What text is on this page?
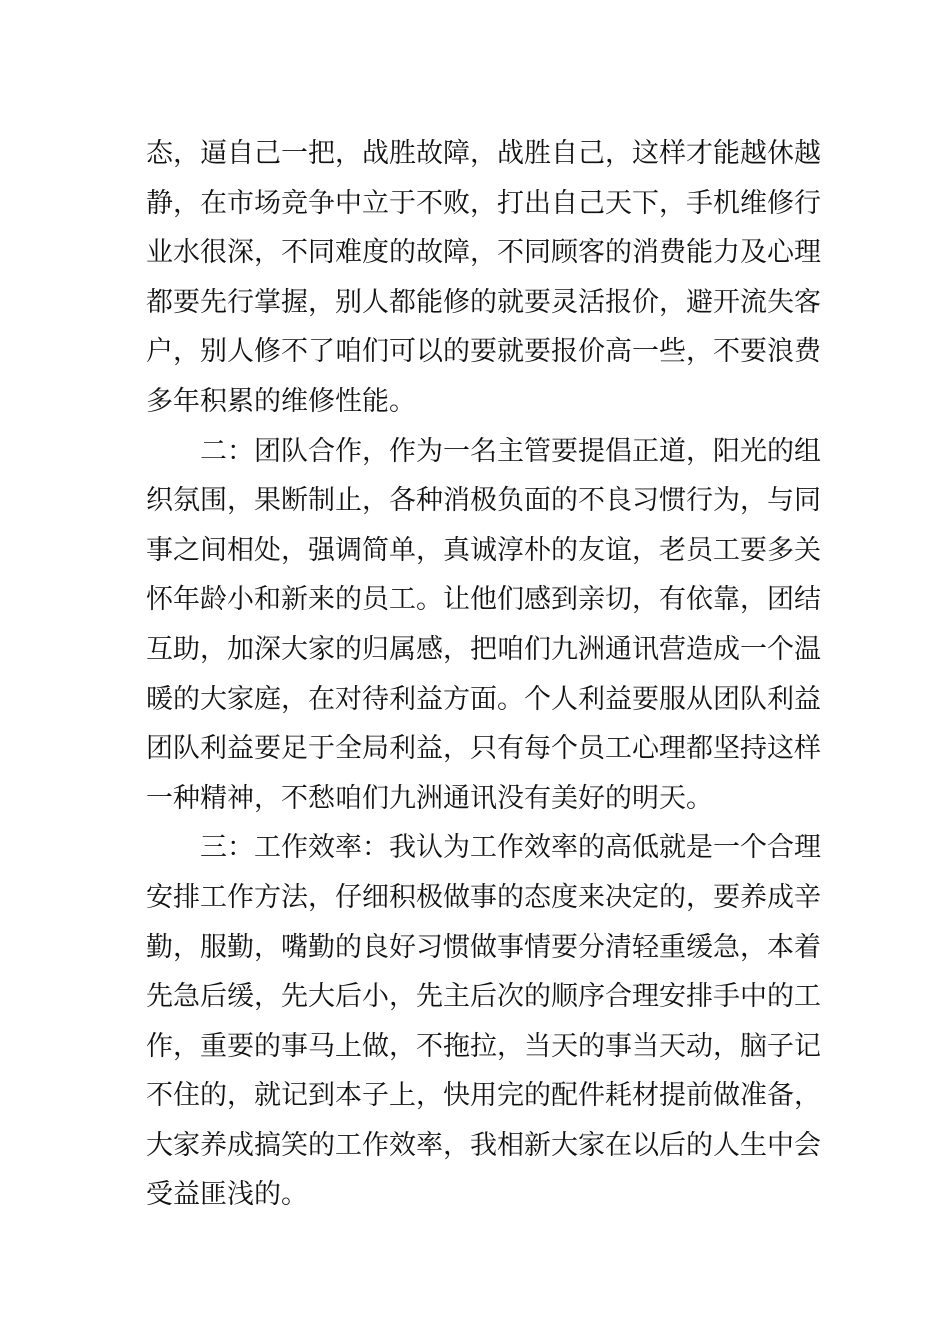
态，逼自己一把，战胜故障，战胜自己，这样才能越休越
静，在市场竞争中立于不败，打出自己天下，手机维修行
业水很深，不同难度的故障，不同顾客的消费能力及心理
都要先行掌握，别人都能修的就要灵活报价，避开流失客
户，别人修不了咱们可以的要就要报价高一些，不要浪费
多年积累的维修性能。
二：团队合作，作为一名主管要提倡正道，阳光的组
织氛围，果断制止，各种消极负面的不良习惯行为，与同
事之间相处，强调简单，真诚淳朴的友谊，老员工要多关
怀年龄小和新来的员工。让他们感到亲切，有依靠，团结
互助，加深大家的归属感，把咱们九洲通讯营造成一个温
暖的大家庭，在对待利益方面。个人利益要服从团队利益
团队利益要足于全局利益，只有每个员工心理都坚持这样
一种精神，不愁咱们九洲通讯没有美好的明天。
三：工作效率：我认为工作效率的高低就是一个合理
安排工作方法，仔细积极做事的态度来决定的，要养成辛
勤，服勤，嘴勤的良好习惯做事情要分清轻重缓急，本着
先急后缓，先大后小，先主后次的顺序合理安排手中的工
作，重要的事马上做，不拖拉，当天的事当天动，脑子记
不住的，就记到本子上，快用完的配件耗材提前做准备，
大家养成搞笑的工作效率，我相新大家在以后的人生中会
受益匪浅的。
